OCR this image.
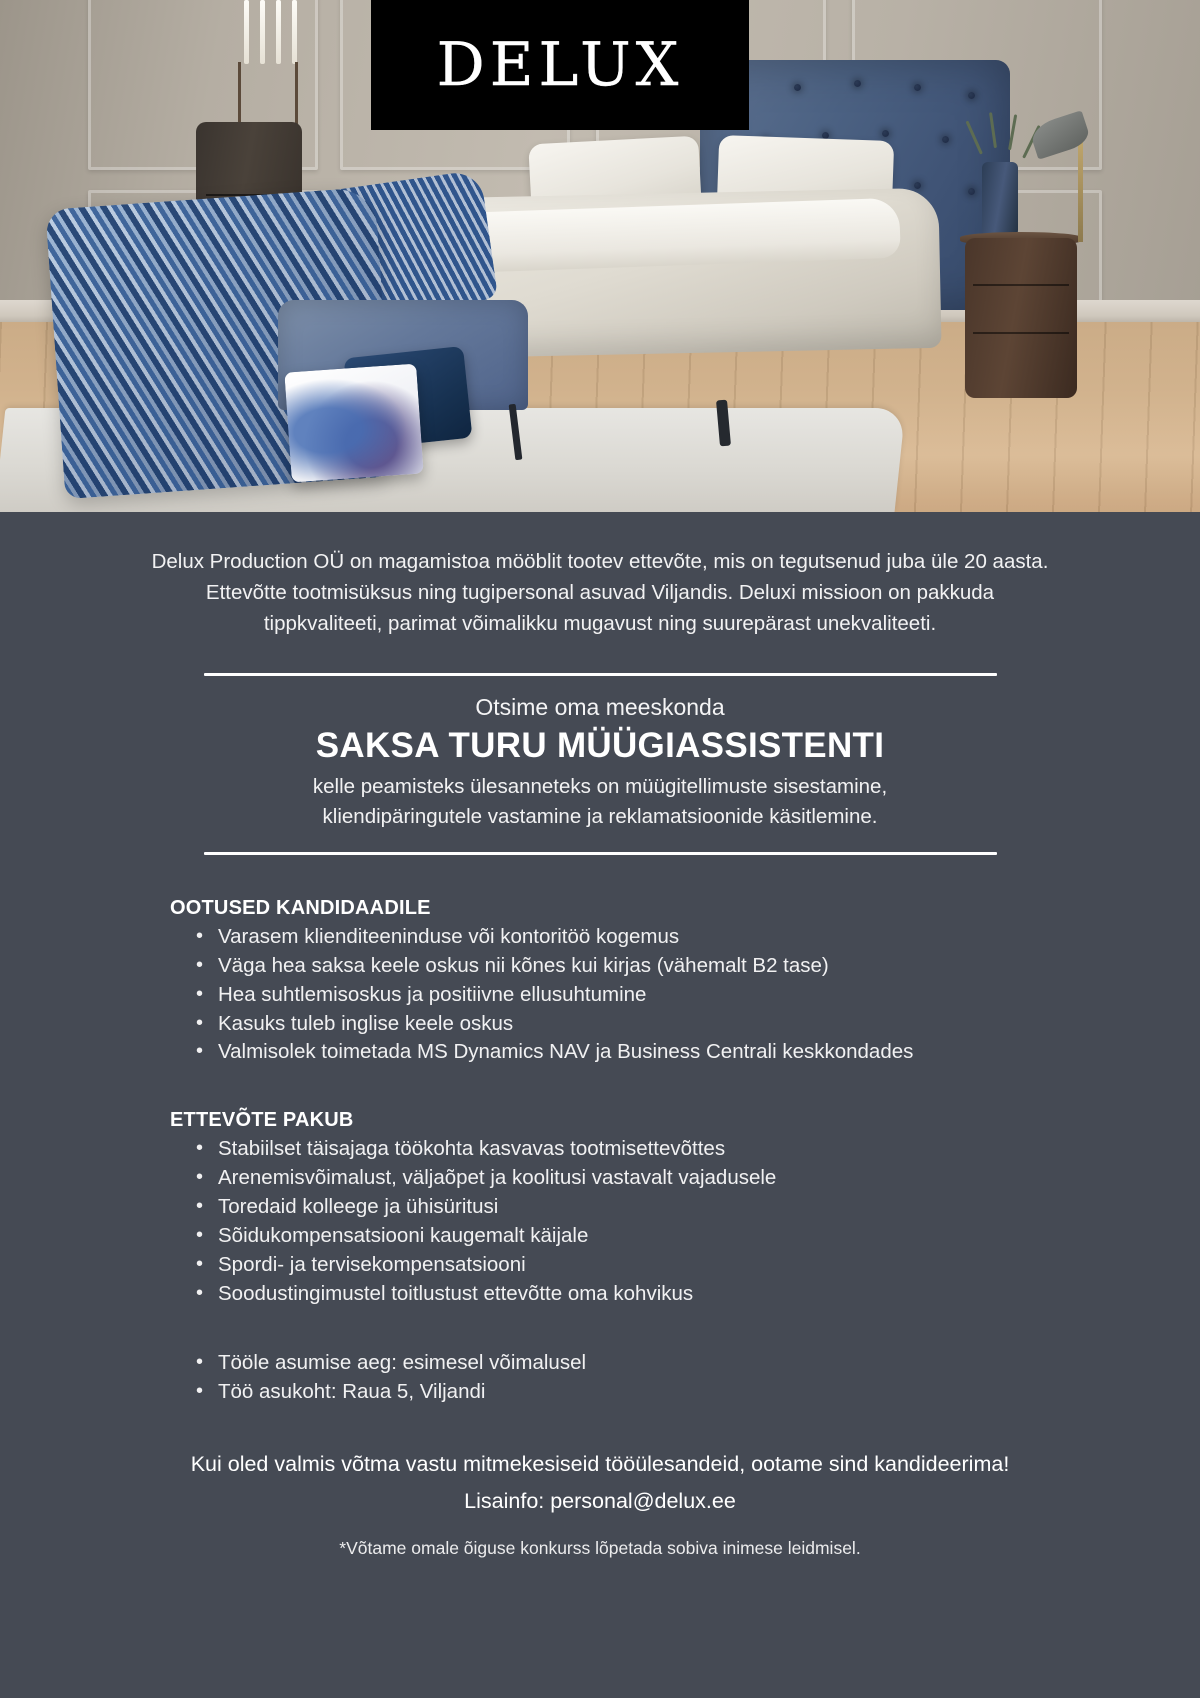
DELUX

Delux Production OÜ on magamistoa mööblit tootev ettevõte, mis on tegutsenud juba üle 20 aasta. Ettevõtte tootmisüksus ning tugipersonal asuvad Viljandis. Deluxi missioon on pakkuda tippkvaliteeti, parimat võimalikku mugavust ning suurepärast unekvaliteeti.

Otsime oma meeskonda
SAKSA TURU MÜÜGIASSISTENTI
kelle peamisteks ülesanneteks on müügitellimuste sisestamine,
kliendipäringutele vastamine ja reklamatsioonide käsitlemine.
OOTUSED KANDIDAADILE
• Varasem klienditeeninduse või kontoritöö kogemus
• Väga hea saksa keele oskus nii kõnes kui kirjas (vähemalt B2 tase)
• Hea suhtlemisoskus ja positiivne ellusuhtumine
• Kasuks tuleb inglise keele oskus
• Valmisolek toimetada MS Dynamics NAV ja Business Centrali keskkondades
ETTEVÕTE PAKUB
• Stabiilset täisajaga töökohta kasvavas tootmisettevõttes
• Arenemisvõimalust, väljaõpet ja koolitusi vastavalt vajadusele
• Toredaid kolleege ja ühisüritusi
• Sõidukompensatsiooni kaugemalt käijale
• Spordi- ja tervisekompensatsiooni
• Soodustingimustel toitlustust ettevõtte oma kohvikus
• Tööle asumise aeg: esimesel võimalusel
• Töö asukoht: Raua 5, Viljandi
Kui oled valmis võtma vastu mitmekesiseid tööülesandeid, ootame sind kandideerima!
Lisainfo: personal@delux.ee
*Võtame omale õiguse konkurss lõpetada sobiva inimese leidmisel.
